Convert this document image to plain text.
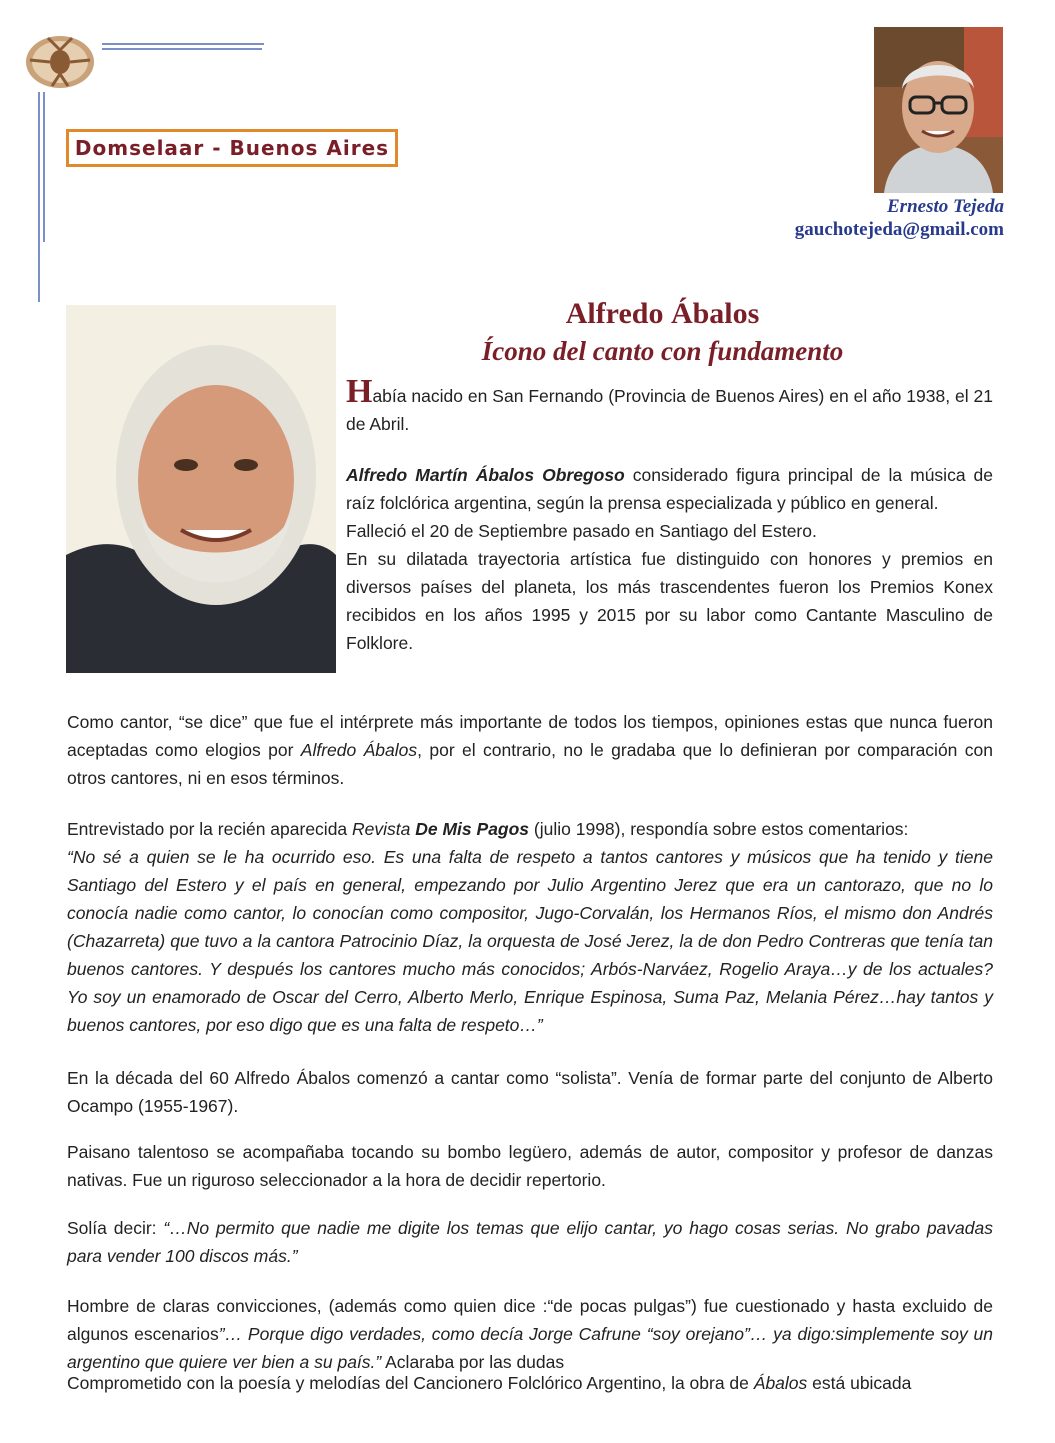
Domselaar - Buenos Aires
Ernesto Tejeda
gauchotejeda@gmail.com
Alfredo Ábalos
Ícono del canto con fundamento

Había nacido en San Fernando (Provincia de Buenos Aires) en el año 1938, el 21 de Abril.

Alfredo Martín Ábalos Obregoso considerado figura principal de la música de raíz folclórica argentina, según la prensa especializada y público en general.

Falleció el 20 de Septiembre pasado en Santiago del Estero.

En su dilatada trayectoria artística fue distinguido con honores y premios en diversos países del planeta, los más trascendentes fueron los Premios Konex recibidos en los años 1995 y 2015 por su labor como Cantante Masculino de Folklore.

Como cantor, “se dice” que fue el intérprete más importante de todos los tiempos, opiniones estas que nunca fueron aceptadas como elogios por Alfredo Ábalos, por el contrario, no le gradaba que lo definieran por comparación con otros cantores, ni en esos términos.

Entrevistado por la recién aparecida Revista De Mis Pagos (julio 1998), respondía sobre estos comentarios:

“No sé a quien se le ha ocurrido eso. Es una falta de respeto a tantos cantores y músicos que ha tenido y tiene Santiago del Estero y el país en general, empezando por Julio Argentino Jerez que era un cantorazo, que no lo conocía nadie como cantor, lo conocían como compositor, Jugo-Corvalán, los Hermanos Ríos, el mismo don Andrés (Chazarreta) que tuvo a la cantora Patrocinio Díaz, la orquesta de José Jerez, la de don Pedro Contreras que tenía tan buenos cantores. Y después los cantores mucho más conocidos; Arbós-Narváez, Rogelio Araya…y de los actuales? Yo soy un enamorado de Oscar del Cerro, Alberto Merlo, Enrique Espinosa, Suma Paz, Melania Pérez…hay tantos y buenos cantores, por eso digo que es una falta de respeto…”

En la década del 60 Alfredo Ábalos comenzó a cantar como “solista”. Venía de formar parte del conjunto de Alberto Ocampo (1955-1967).

Paisano talentoso se acompañaba tocando su bombo legüero, además de autor, compositor y profesor de danzas nativas. Fue un riguroso seleccionador a la hora de decidir repertorio.

Solía decir: “…No permito que nadie me digite los temas que elijo cantar, yo hago cosas serias. No grabo pavadas para vender 100 discos más.”

Hombre de claras convicciones, (además como quien dice :“de pocas pulgas”) fue cuestionado y hasta excluido de algunos escenarios”… Porque digo verdades, como decía Jorge Cafrune “soy orejano”… ya digo:simplemente soy un argentino que quiere ver bien a su país.” Aclaraba por las dudas

Comprometido con la poesía y melodías del Cancionero Folclórico Argentino, la obra de Ábalos está ubicada
